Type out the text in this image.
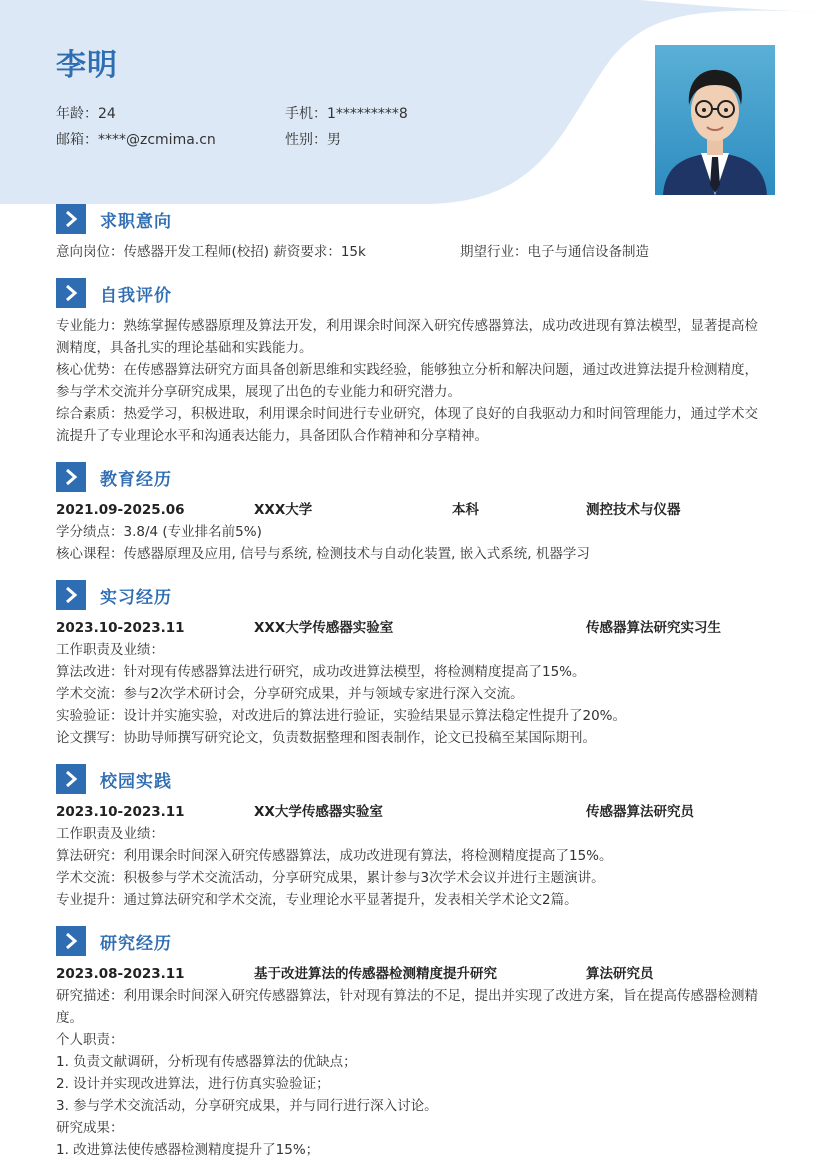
李明
年龄：24	手机：1*********8
邮箱：****@zcmima.cn	性别：男
求职意向
意向岗位：传感器开发工程师(校招) 薪资要求：15k	期望行业：电子与通信设备制造
自我评价

专业能力：熟练掌握传感器原理及算法开发，利用课余时间深入研究传感器算法，成功改进现有算法模型，显著提高检测精度，具备扎实的理论基础和实践能力。

核心优势：在传感器算法研究方面具备创新思维和实践经验，能够独立分析和解决问题，通过改进算法提升检测精度，参与学术交流并分享研究成果，展现了出色的专业能力和研究潜力。

综合素质：热爱学习，积极进取，利用课余时间进行专业研究，体现了良好的自我驱动力和时间管理能力，通过学术交流提升了专业理论水平和沟通表达能力，具备团队合作精神和分享精神。

教育经历
2021.09-2025.06	XXX大学	本科	测控技术与仪器

学分绩点：3.8/4 (专业排名前5%)

核心课程：传感器原理及应用, 信号与系统, 检测技术与自动化装置, 嵌入式系统, 机器学习

实习经历
2023.10-2023.11	XXX大学传感器实验室	传感器算法研究实习生

工作职责及业绩：

算法改进：针对现有传感器算法进行研究，成功改进算法模型，将检测精度提高了15%。

学术交流：参与2次学术研讨会，分享研究成果，并与领域专家进行深入交流。

实验验证：设计并实施实验，对改进后的算法进行验证，实验结果显示算法稳定性提升了20%。

论文撰写：协助导师撰写研究论文，负责数据整理和图表制作，论文已投稿至某国际期刊。

校园实践
2023.10-2023.11	XX大学传感器实验室	传感器算法研究员

工作职责及业绩：

算法研究：利用课余时间深入研究传感器算法，成功改进现有算法，将检测精度提高了15%。

学术交流：积极参与学术交流活动，分享研究成果，累计参与3次学术会议并进行主题演讲。

专业提升：通过算法研究和学术交流，专业理论水平显著提升，发表相关学术论文2篇。

研究经历
2023.08-2023.11	基于改进算法的传感器检测精度提升研究	算法研究员

研究描述：利用课余时间深入研究传感器算法，针对现有算法的不足，提出并实现了改进方案，旨在提高传感器检测精度。

个人职责：

1. 负责文献调研，分析现有传感器算法的优缺点；

2. 设计并实现改进算法，进行仿真实验验证；

3. 参与学术交流活动，分享研究成果，并与同行进行深入讨论。

研究成果：

1. 改进算法使传感器检测精度提升了15%；
